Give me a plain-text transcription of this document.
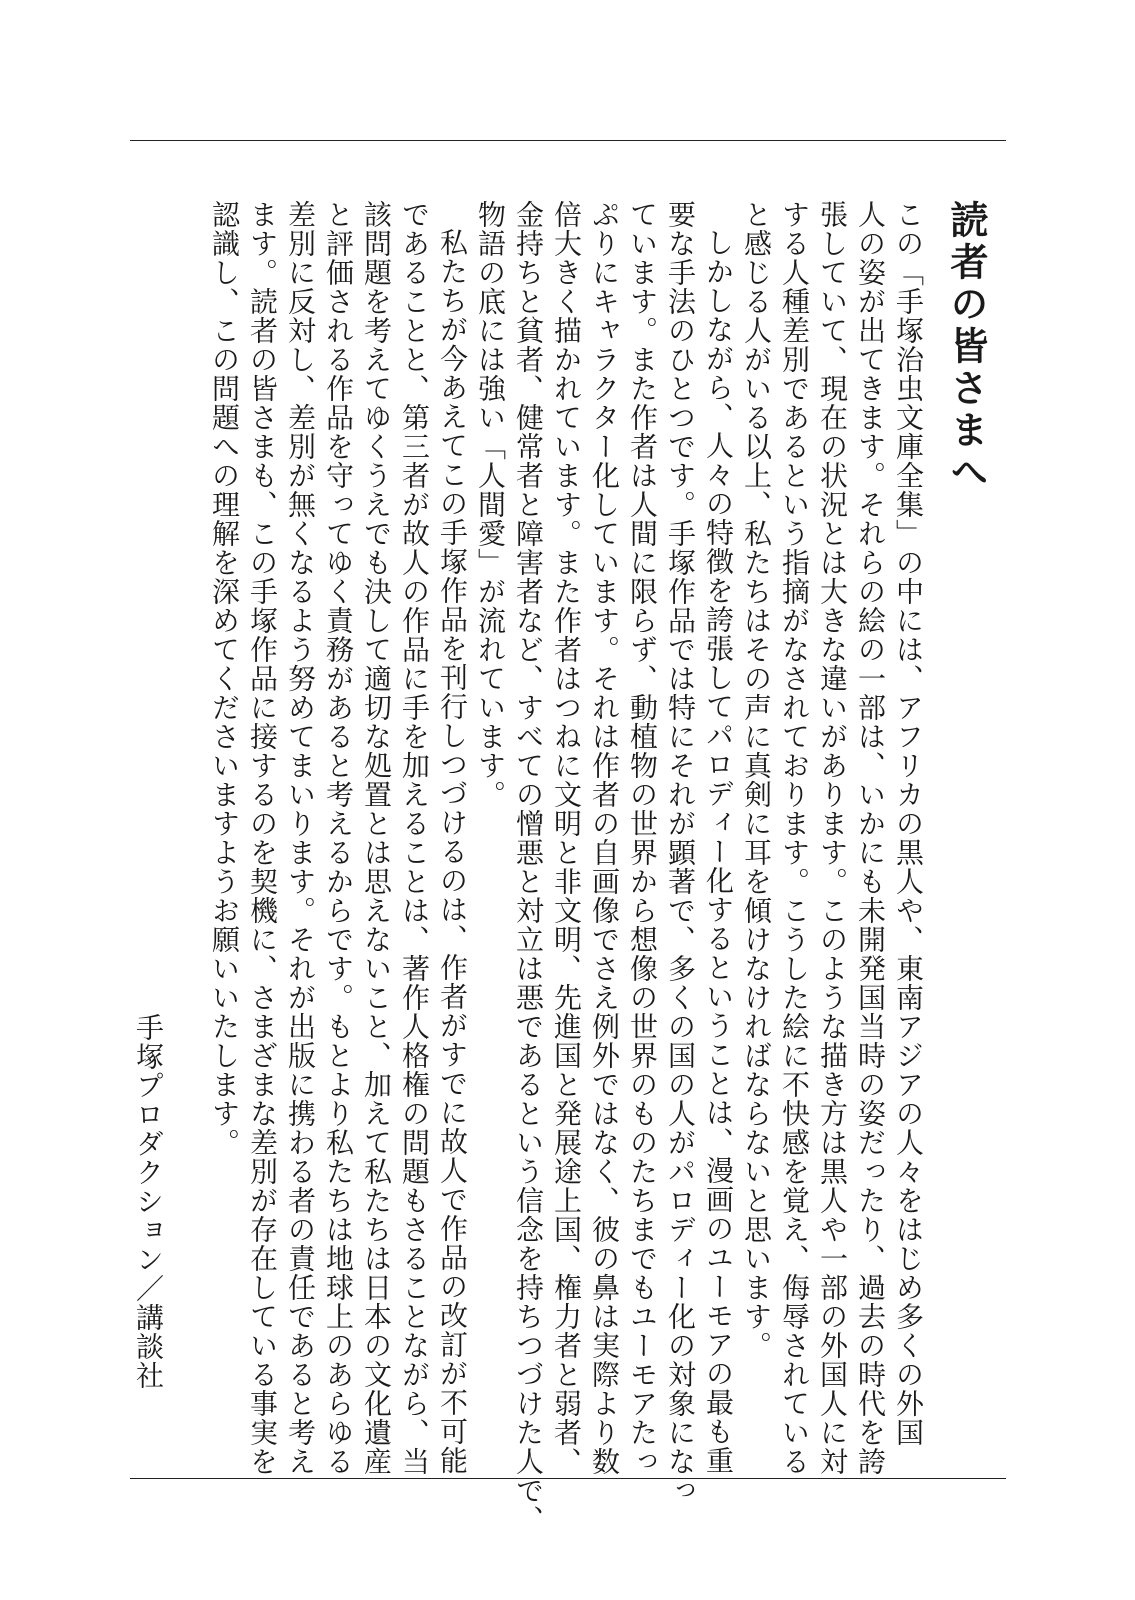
読者の皆さまへ
この「手塚治虫文庫全集」の中には、アフリカの黒人や、東南アジアの人々をはじめ多くの外国
人の姿が出てきます。それらの絵の一部は、いかにも未開発国当時の姿だったり、過去の時代を誇
張していて、現在の状況とは大きな違いがあります。このような描き方は黒人や一部の外国人に対
する人種差別であるという指摘がなされております。こうした絵に不快感を覚え、侮辱されている
と感じる人がいる以上、私たちはその声に真剣に耳を傾けなければならないと思います。
しかしながら、人々の特徴を誇張してパロディー化するということは、漫画のユーモアの最も重
要な手法のひとつです。手塚作品では特にそれが顕著で、多くの国の人がパロディー化の対象になっ
ています。また作者は人間に限らず、動植物の世界から想像の世界のものたちまでもユーモアたっ
ぷりにキャラクター化しています。それは作者の自画像でさえ例外ではなく、彼の鼻は実際より数
倍大きく描かれています。また作者はつねに文明と非文明、先進国と発展途上国、権力者と弱者、
金持ちと貧者、健常者と障害者など、すべての憎悪と対立は悪であるという信念を持ちつづけた人で、
物語の底には強い「人間愛」が流れています。
私たちが今あえてこの手塚作品を刊行しつづけるのは、作者がすでに故人で作品の改訂が不可能
であることと、第三者が故人の作品に手を加えることは、著作人格権の問題もさることながら、当
該問題を考えてゆくうえでも決して適切な処置とは思えないこと、加えて私たちは日本の文化遺産
と評価される作品を守ってゆく責務があると考えるからです。もとより私たちは地球上のあらゆる
差別に反対し、差別が無くなるよう努めてまいります。それが出版に携わる者の責任であると考え
ます。読者の皆さまも、この手塚作品に接するのを契機に、さまざまな差別が存在している事実を
認識し、この問題への理解を深めてくださいますようお願いいたします。
手塚プロダクション／講談社
